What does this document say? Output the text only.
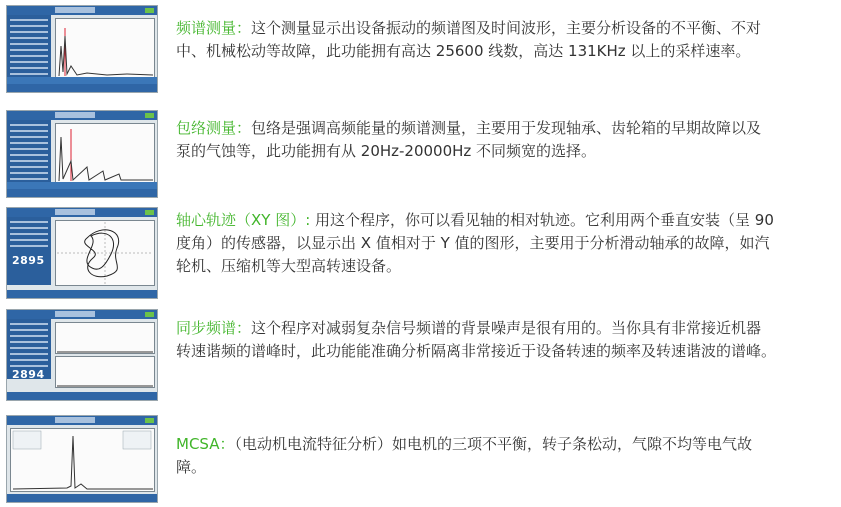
频谱测量：这个测量显示出设备振动的频谱图及时间波形，主要分析设备的不平衡、不对中、机械松动等故障，此功能拥有高达 25600 线数，高达 131KHz 以上的采样速率。

包络测量：包络是强调高频能量的频谱测量，主要用于发现轴承、齿轮箱的早期故障以及泵的气蚀等，此功能拥有从 20Hz-20000Hz 不同频宽的选择。

2895

轴心轨迹（XY 图）: 用这个程序，你可以看见轴的相对轨迹。它利用两个垂直安装（呈 90 度角）的传感器，以显示出 X 值相对于 Y 值的图形，主要用于分析滑动轴承的故障，如汽轮机、压缩机等大型高转速设备。

2894

同步频谱：这个程序对减弱复杂信号频谱的背景噪声是很有用的。当你具有非常接近机器转速谐频的谱峰时，此功能能准确分析隔离非常接近于设备转速的频率及转速谐波的谱峰。

MCSA：（电动机电流特征分析）如电机的三项不平衡，转子条松动，气隙不均等电气故障。
